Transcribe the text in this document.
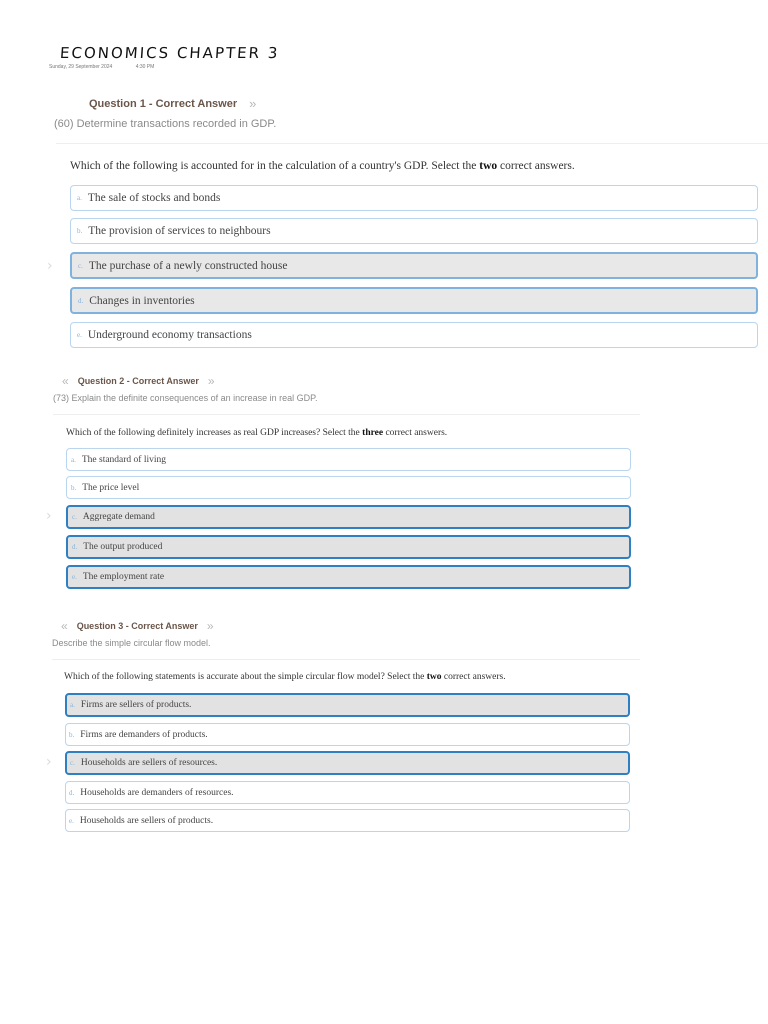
ECONOMICS CHAPTER 3
Sunday, 29 September 2024	4:30 PM
Question 1 - Correct Answer »
(60) Determine transactions recorded in GDP.
Which of the following is accounted for in the calculation of a country's GDP. Select the two correct answers.
a. The sale of stocks and bonds
b. The provision of services to neighbours
›	c. The purchase of a newly constructed house
d. Changes in inventories
e. Underground economy transactions
« Question 2 - Correct Answer »
(73) Explain the definite consequences of an increase in real GDP.
Which of the following definitely increases as real GDP increases? Select the three correct answers.
a. The standard of living
b. The price level
›	c. Aggregate demand
d. The output produced
e. The employment rate
« Question 3 - Correct Answer »
Describe the simple circular flow model.
Which of the following statements is accurate about the simple circular flow model? Select the two correct answers.
a. Firms are sellers of products.
b. Firms are demanders of products.
›	c. Households are sellers of resources.
d. Households are demanders of resources.
e. Households are sellers of products.
